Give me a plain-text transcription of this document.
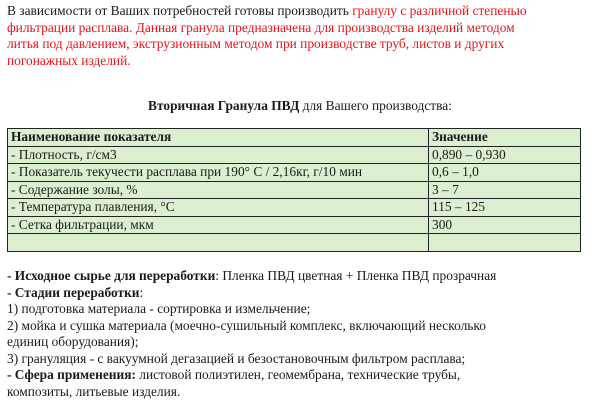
В зависимости от Ваших потребностей готовы производить гранулу с различной степенью
фильтрации расплава. Данная гранула предназначена для производства изделий методом
литья под давлением, экструзионным методом при производстве труб, листов и других
погонажных изделий.
Вторичная Гранула ПВД для Вашего производства:
Наименование показателя	Значение
- Плотность, г/см3	0,890 – 0,930
- Показатель текучести расплава при 190° С / 2,16кг, г/10 мин	0,6 – 1,0
- Содержание золы, %	3 – 7
- Температура плавления, °С	115 – 125
- Сетка фильтрации, мкм	300

- Исходное сырье для переработки: Пленка ПВД цветная + Пленка ПВД прозрачная
- Стадии переработки:
1) подготовка материала - сортировка и измельчение;
2) мойка и сушка материала (моечно-сушильный комплекс, включающий несколько
единиц оборудования);
3) грануляция - с вакуумной дегазацией и безостановочным фильтром расплава;
- Сфера применения: листовой полиэтилен, геомембрана, технические трубы,
композиты, литьевые изделия.
